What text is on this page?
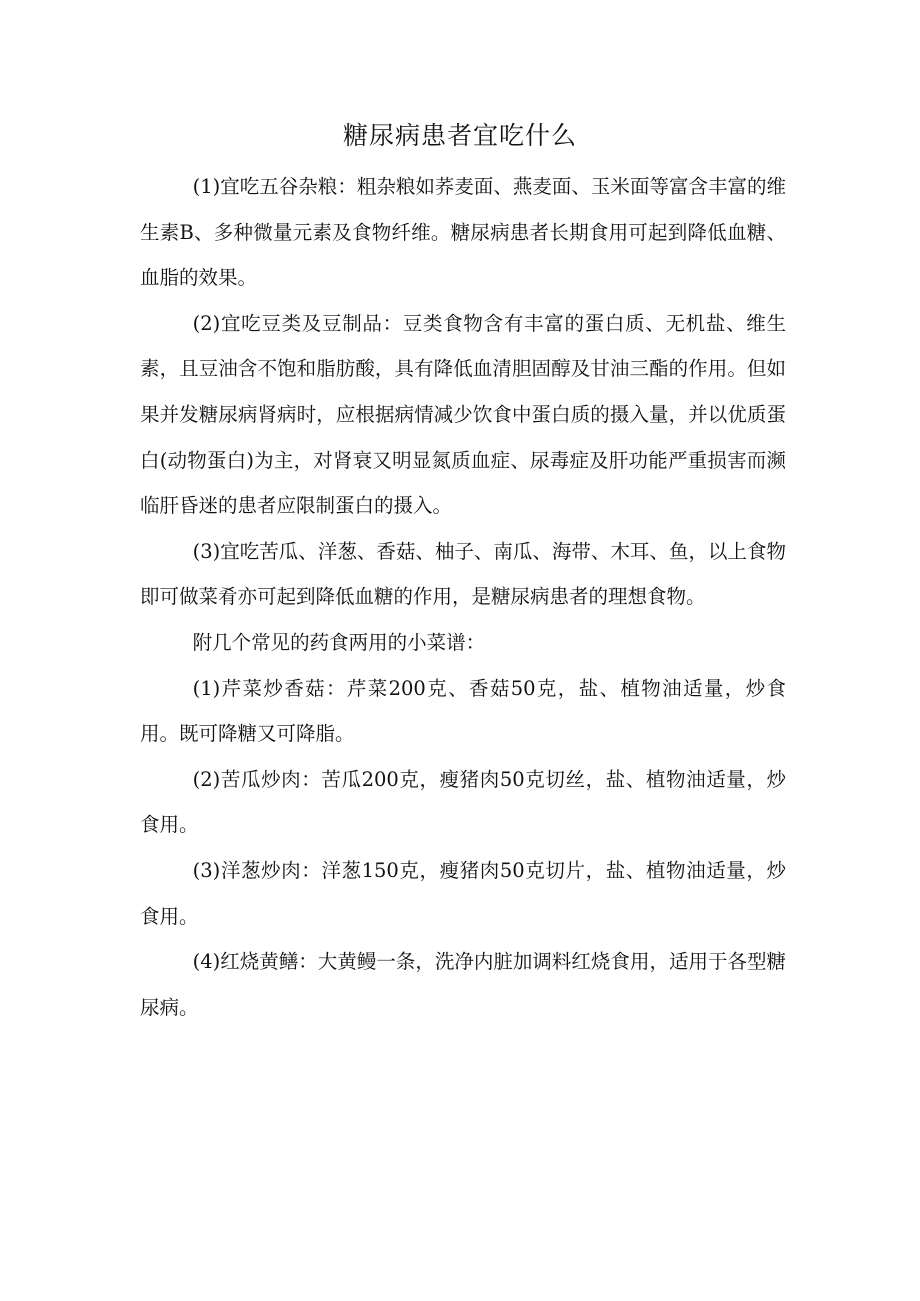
糖尿病患者宜吃什么

(1)宜吃五谷杂粮：粗杂粮如荞麦面、燕麦面、玉米面等富含丰富的维生素B、多种微量元素及食物纤维。糖尿病患者长期食用可起到降低血糖、血脂的效果。

(2)宜吃豆类及豆制品：豆类食物含有丰富的蛋白质、无机盐、维生素，且豆油含不饱和脂肪酸，具有降低血清胆固醇及甘油三酯的作用。但如果并发糖尿病肾病时，应根据病情减少饮食中蛋白质的摄入量，并以优质蛋白(动物蛋白)为主，对肾衰又明显氮质血症、尿毒症及肝功能严重损害而濒临肝昏迷的患者应限制蛋白的摄入。

(3)宜吃苦瓜、洋葱、香菇、柚子、南瓜、海带、木耳、鱼，以上食物即可做菜肴亦可起到降低血糖的作用，是糖尿病患者的理想食物。

附几个常见的药食两用的小菜谱：

(1)芹菜炒香菇：芹菜200克、香菇50克，盐、植物油适量，炒食用。既可降糖又可降脂。

(2)苦瓜炒肉：苦瓜200克，瘦猪肉50克切丝，盐、植物油适量，炒食用。

(3)洋葱炒肉：洋葱150克，瘦猪肉50克切片，盐、植物油适量，炒食用。

(4)红烧黄鳝：大黄鳗一条，洗净内脏加调料红烧食用，适用于各型糖尿病。
